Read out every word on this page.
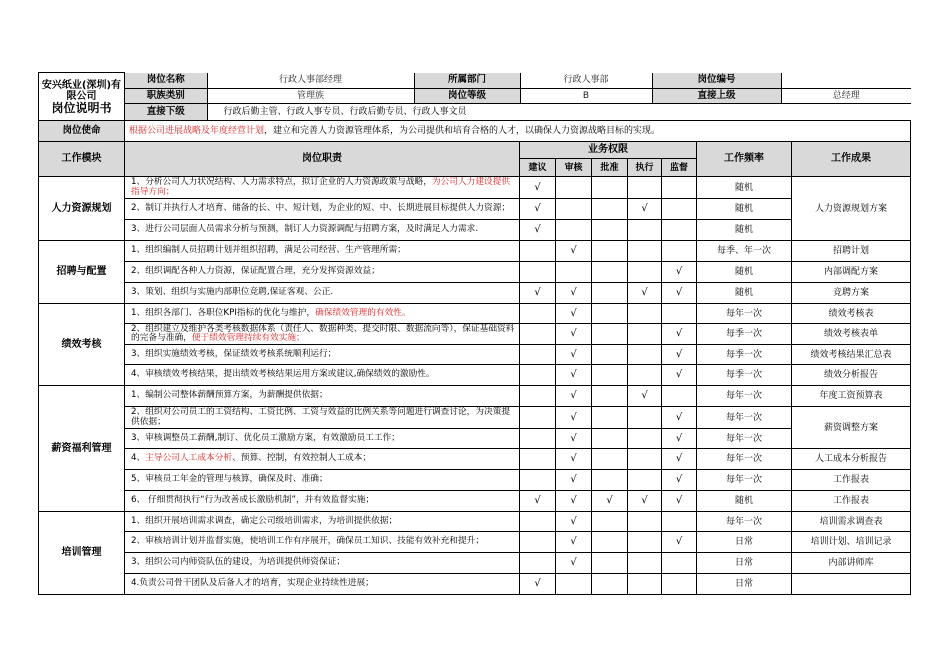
安兴纸业(深圳)有限公司
岗位说明书

岗位名称	行政人事部经理	所属部门	行政人事部	岗位编号	
职族类别	管理族	岗位等级	B	直接上级	总经理
直接下级	行政后勤主管、行政人事专员、行政后勤专员、行政人事文员

岗位使命	根据公司进展战略及年度经营计划，建立和完善人力资源管理体系，为公司提供和培育合格的人才，以确保人力资源战略目标的实现。
工作模块	岗位职责	业务权限	工作频率	工作成果
建议	审核	批准	执行	监督
人力资源规划	1、分析公司人力状况结构、人力需求特点，拟订企业的人力资源政策与战略，为公司人力建设提供指导方向；	√					随机	人力资源规划方案
2、制订并执行人才培育、储备的长、中、短计划，为企业的短、中、长期进展目标提供人力资源；	√			√		随机
3、进行公司层面人员需求分析与预测，制订人力资源调配与招聘方案，及时满足人力需求.	√					随机
招聘与配置	1、组织编制人员招聘计划并组织招聘，满足公司经营、生产管理所需；		√				每季、年一次	招聘计划
2、组织调配各种人力资源，保证配置合理，充分发挥资源效益；					√	随机	内部调配方案
3、策划、组织与实施内部职位竞聘,保证客观、公正.	√	√		√	√	随机	竞聘方案
绩效考核	1、组织各部门、各职位KPI指标的优化与维护，确保绩效管理的有效性。		√				每年一次	绩效考核表
2、组织建立及维护各类考核数据体系（责任人、数据种类、提交时限、数据流向等），保证基础资料的完备与准确，便于绩效管理持续有效实施；		√			√	每季一次	绩效考核表单
3、组织实施绩效考核，保证绩效考核系统顺利运行；		√			√	每季一次	绩效考核结果汇总表
4、审核绩效考核结果，提出绩效考核结果运用方案或建议,确保绩效的激励性。		√			√	每季一次	绩效分析报告
薪资福利管理	1、编制公司整体薪酬预算方案，为薪酬提供依据；		√		√		每年一次	年度工资预算表
2、组织对公司员工的工资结构、工资比例、工资与效益的比例关系等问题进行调查讨论，为决策提供依据；		√			√	每年一次	薪资调整方案
3、审核调整员工薪酬,制订、优化员工激励方案，有效激励员工工作；		√			√	每年一次
4、主导公司人工成本分析、预算、控制，有效控制人工成本；		√			√	每年一次	人工成本分析报告
5、审核员工年金的管理与核算，确保及时、准确；		√			√	每年一次	工作报表
6、 仔细贯彻执行“行为改善成长激励机制”，并有效监督实施；	√	√	√	√	√	随机	工作报表
培训管理	1、组织开展培训需求调查，确定公司级培训需求，为培训提供依据；		√				每年一次	培训需求调查表
2、审核培训计划并监督实施，使培训工作有序展开，确保员工知识、技能有效补充和提升；		√			√	日常	培训计划、培训记录
3、组织公司内师资队伍的建设，为培训提供师资保证；		√				日常	内部讲师库
4.负责公司骨干团队及后备人才的培育，实现企业持续性进展；	√					日常	
